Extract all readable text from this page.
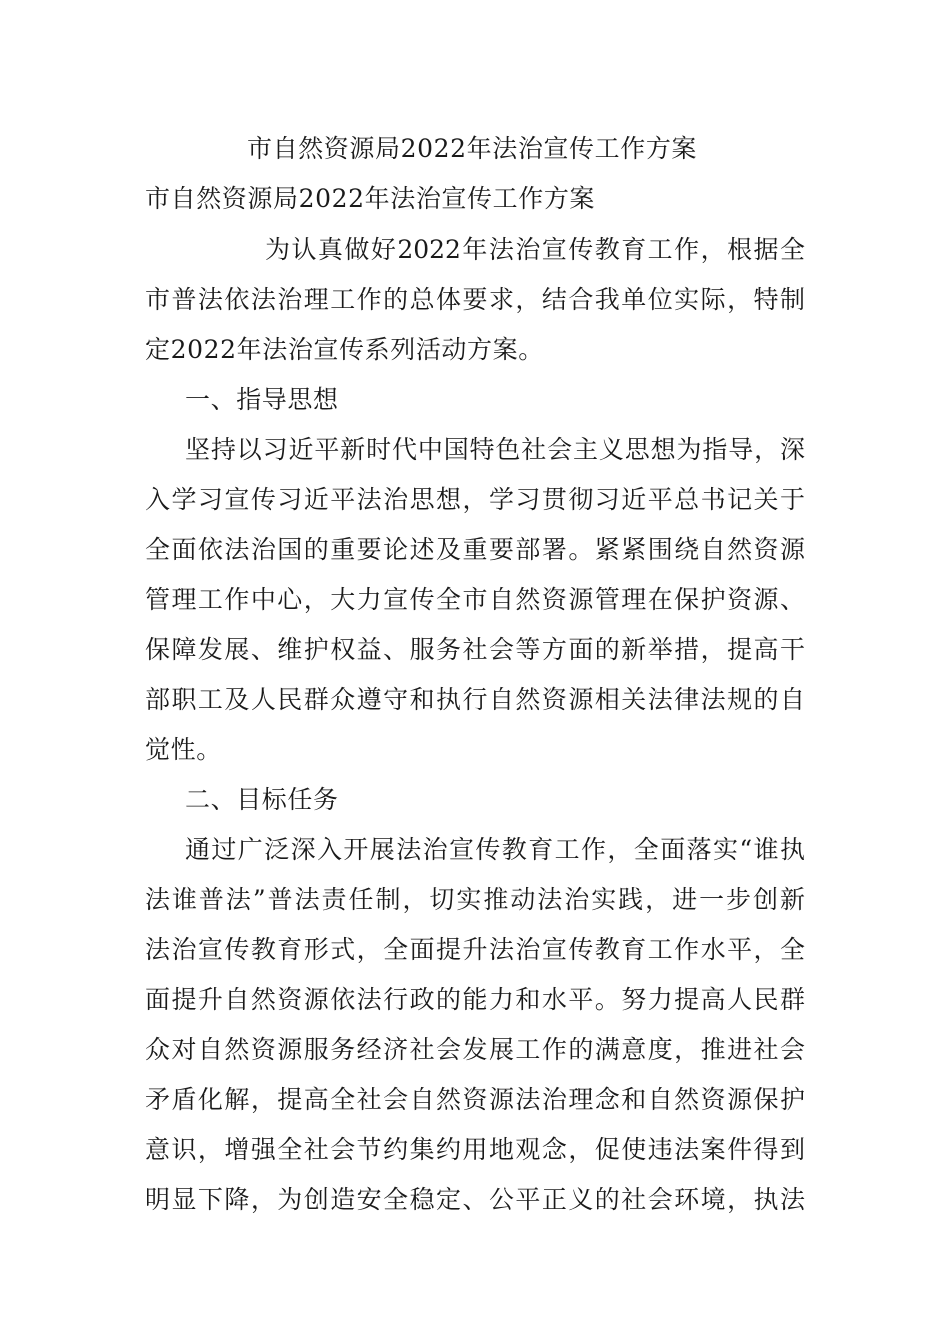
市自然资源局2022年法治宣传工作方案
市自然资源局2022年法治宣传工作方案
为认真做好2022年法治宣传教育工作，根据全
市普法依法治理工作的总体要求，结合我单位实际，特制
定2022年法治宣传系列活动方案。
一、指导思想
坚持以习近平新时代中国特色社会主义思想为指导，深
入学习宣传习近平法治思想，学习贯彻习近平总书记关于
全面依法治国的重要论述及重要部署。紧紧围绕自然资源
管理工作中心，大力宣传全市自然资源管理在保护资源、
保障发展、维护权益、服务社会等方面的新举措，提高干
部职工及人民群众遵守和执行自然资源相关法律法规的自
觉性。
二、目标任务
通过广泛深入开展法治宣传教育工作，全面落实“谁执
法谁普法”普法责任制，切实推动法治实践，进一步创新
法治宣传教育形式，全面提升法治宣传教育工作水平，全
面提升自然资源依法行政的能力和水平。努力提高人民群
众对自然资源服务经济社会发展工作的满意度，推进社会
矛盾化解，提高全社会自然资源法治理念和自然资源保护
意识，增强全社会节约集约用地观念，促使违法案件得到
明显下降，为创造安全稳定、公平正义的社会环境，执法
